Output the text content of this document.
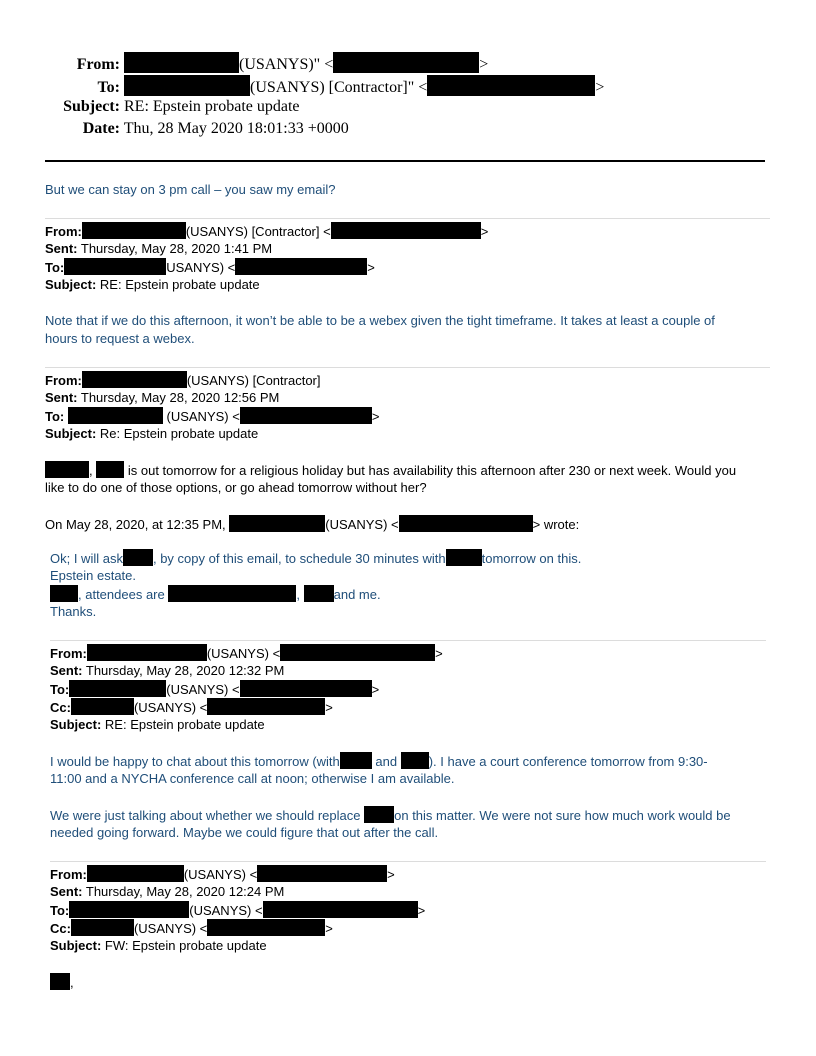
From:	(USANYS)" <	>
To:	(USANYS) [Contractor]" <	>
Subject: RE: Epstein probate update
Date: Thu, 28 May 2020 18:01:33 +0000
But we can stay on 3 pm call – you saw my email?
From:	(USANYS) [Contractor] <	>
Sent: Thursday, May 28, 2020 1:41 PM
To:	USANYS) <	>
Subject: RE: Epstein probate update
Note that if we do this afternoon, it won’t be able to be a webex given the tight timeframe. It takes at least a couple of
hours to request a webex.
From:	(USANYS) [Contractor]
Sent: Thursday, May 28, 2020 12:56 PM
To:	(USANYS) <	>
Subject: Re: Epstein probate update
,	is out tomorrow for a religious holiday but has availability this afternoon after 230 or next week. Would you
like to do one of those options, or go ahead tomorrow without her?
On May 28, 2020, at 12:35 PM,	(USANYS) <	> wrote:
Ok; I will ask , by copy of this email, to schedule 30 minutes with	tomorrow on this.
Epstein estate.
, attendees are	,	and me.
Thanks.
From:	(USANYS) <	>
Sent: Thursday, May 28, 2020 12:32 PM
To:	(USANYS) <	>
Cc:	(USANYS) <	>
Subject: RE: Epstein probate update
I would be happy to chat about this tomorrow (with	and ). I have a court conference tomorrow from 9:30-
11:00 and a NYCHA conference call at noon; otherwise I am available.
We were just talking about whether we should replace	on this matter. We were not sure how much work would be
needed going forward. Maybe we could figure that out after the call.
From:	(USANYS) <	>
Sent: Thursday, May 28, 2020 12:24 PM
To:	(USANYS) <	>
Cc:	(USANYS) <	>
Subject: FW: Epstein probate update
,
